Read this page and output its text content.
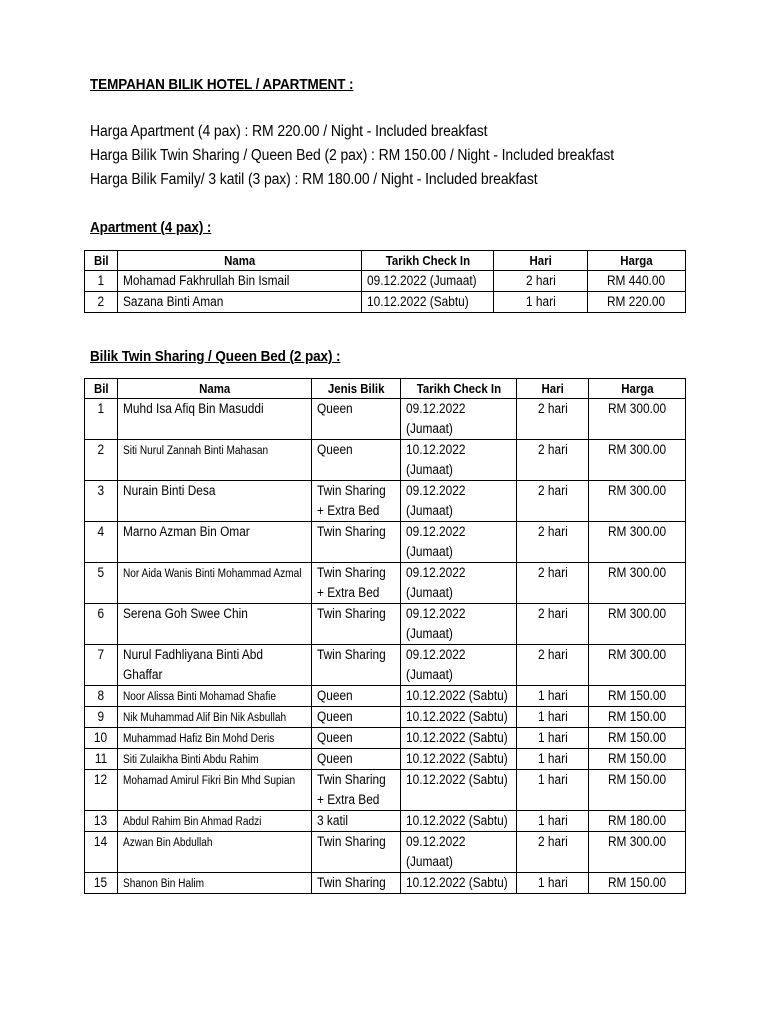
TEMPAHAN BILIK HOTEL / APARTMENT :
Harga Apartment (4 pax) : RM 220.00 / Night - Included breakfast
Harga Bilik Twin Sharing / Queen Bed (2 pax) : RM 150.00 / Night - Included breakfast
Harga Bilik Family/ 3 katil (3 pax) : RM 180.00 / Night - Included breakfast
Apartment (4 pax) :
Bil	Nama	Tarikh Check In	Hari	Harga
1	Mohamad Fakhrullah Bin Ismail	09.12.2022 (Jumaat)	2 hari	RM 440.00
2	Sazana Binti Aman	10.12.2022 (Sabtu)	1 hari	RM 220.00
Bilik Twin Sharing / Queen Bed (2 pax) :
Bil	Nama	Jenis Bilik	Tarikh Check In	Hari	Harga
1	Muhd Isa Afiq Bin Masuddi	Queen	09.12.2022 (Jumaat)	2 hari	RM 300.00
2	Siti Nurul Zannah Binti Mahasan	Queen	10.12.2022 (Jumaat)	2 hari	RM 300.00
3	Nurain Binti Desa	Twin Sharing + Extra Bed	09.12.2022 (Jumaat)	2 hari	RM 300.00
4	Marno Azman Bin Omar	Twin Sharing	09.12.2022 (Jumaat)	2 hari	RM 300.00
5	Nor Aida Wanis Binti Mohammad Azmal	Twin Sharing + Extra Bed	09.12.2022 (Jumaat)	2 hari	RM 300.00
6	Serena Goh Swee Chin	Twin Sharing	09.12.2022 (Jumaat)	2 hari	RM 300.00
7	Nurul Fadhliyana Binti Abd Ghaffar	Twin Sharing	09.12.2022 (Jumaat)	2 hari	RM 300.00
8	Noor Alissa Binti Mohamad Shafie	Queen	10.12.2022 (Sabtu)	1 hari	RM 150.00
9	Nik Muhammad Alif Bin Nik Asbullah	Queen	10.12.2022 (Sabtu)	1 hari	RM 150.00
10	Muhammad Hafiz Bin Mohd Deris	Queen	10.12.2022 (Sabtu)	1 hari	RM 150.00
11	Siti Zulaikha Binti Abdu Rahim	Queen	10.12.2022 (Sabtu)	1 hari	RM 150.00
12	Mohamad Amirul Fikri Bin Mhd Supian	Twin Sharing + Extra Bed	10.12.2022 (Sabtu)	1 hari	RM 150.00
13	Abdul Rahim Bin Ahmad Radzi	3 katil	10.12.2022 (Sabtu)	1 hari	RM 180.00
14	Azwan Bin Abdullah	Twin Sharing	09.12.2022 (Jumaat)	2 hari	RM 300.00
15	Shanon Bin Halim	Twin Sharing	10.12.2022 (Sabtu)	1 hari	RM 150.00
